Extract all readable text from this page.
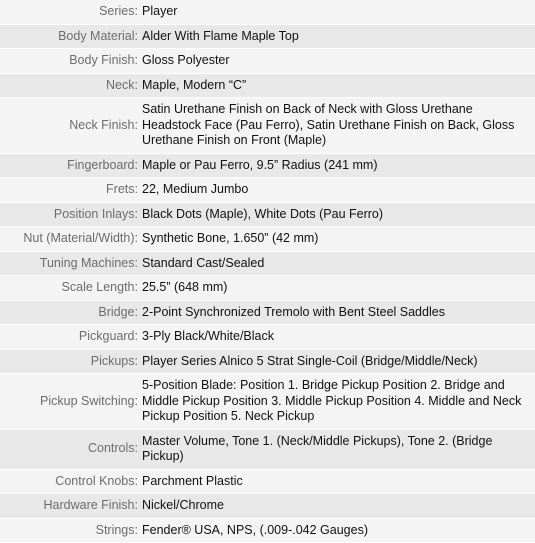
Series:	Player
Body Material:	Alder With Flame Maple Top
Body Finish:	Gloss Polyester
Neck:	Maple, Modern “C”
Neck Finish:	Satin Urethane Finish on Back of Neck with Gloss Urethane Headstock Face (Pau Ferro), Satin Urethane Finish on Back, Gloss Urethane Finish on Front (Maple)
Fingerboard:	Maple or Pau Ferro, 9.5” Radius (241 mm)
Frets:	22, Medium Jumbo
Position Inlays:	Black Dots (Maple), White Dots (Pau Ferro)
Nut (Material/Width):	Synthetic Bone, 1.650” (42 mm)
Tuning Machines:	Standard Cast/Sealed
Scale Length:	25.5” (648 mm)
Bridge:	2-Point Synchronized Tremolo with Bent Steel Saddles
Pickguard:	3-Ply Black/White/Black
Pickups:	Player Series Alnico 5 Strat Single-Coil (Bridge/Middle/Neck)
Pickup Switching:	5-Position Blade: Position 1. Bridge Pickup Position 2. Bridge and Middle Pickup Position 3. Middle Pickup Position 4. Middle and Neck Pickup Position 5. Neck Pickup
Controls:	Master Volume, Tone 1. (Neck/Middle Pickups), Tone 2. (Bridge Pickup)
Control Knobs:	Parchment Plastic
Hardware Finish:	Nickel/Chrome
Strings:	Fender® USA, NPS, (.009-.042 Gauges)
